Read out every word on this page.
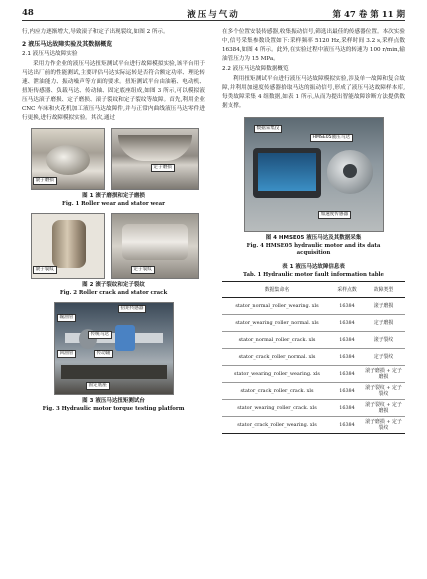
48	液压与气动	第 47 卷 第 11 期

行,内应力逐渐增大,导致滚子和定子出现裂纹,如图 2 所示。

2 液压马达故障实验及其数据概览
2.1 液压马达故障实验

采用力作企业的液压马达扭矩测试平台进行故障模拟实验,该平台用于马达出厂前的性能测试,主要评估马达实际运转是否符合额定功率、理论转速、泄油能力、振动噪声等方面的要求。扭矩测试平台由油箱、电动机、扭矩传感器、负载马达、传动轴、固定底座组成,如图 3 所示,可以模拟液压马达滚子磨损、定子磨损、滚子裂纹和定子裂纹等故障。首先,利用企业 CNC 车床和火花机加工液压马达故障件,并与正常内曲线液压马达零件进行更换,进行故障模拟实验。其次,通过

滚子磨损
定子磨损
图 1 滚子磨损和定子磨损
Fig. 1 Roller wear and stator wear
滚子裂纹	定子裂纹
图 2 滚子裂纹和定子裂纹
Fig. 2 Roller crack and stator crack
输油管
扭矩传感器
传统马达
回油管	传动轴
固定底座
图 3 液压马达扭矩测试台
Fig. 3 Hydraulic motor torque testing platform

在多个位置安装传感器,收集振动信号,筛选出最佳的传感器位置。本次实验中,信号采集参数设置如下:采样频率 5120 Hz,采样时间 3.2 s,采样点数 16384,如图 4 所示。此外,在实验过程中液压马达的转速为 100 r/min,输油管压力为 15 MPa。

2.2 液压马达故障数据概览

利用扭矩测试平台进行液压马达故障模拟实验,涉及单一故障和复合故障,并利用加速度传感器拾取马达的振动信号,形成了液压马达故障样本库,每类故障采集 4 组数据,如表 1 所示,从而为提出智能故障诊断方法提供数据支撑。

数据采集仪
HMSE05液压马达
加速度传感器
图 4 HMSE05 液压马达及其数据采集
Fig. 4 HMSE05 hydraulic motor and its data
acquisition
表 1 液压马达故障信息表
Tab. 1 Hydraulic motor fault information table
数据集命名	采样点数	故障类型
stator_normal_roller_wearing. xls	16384	滚子磨损
stator_wearing_roller_normal. xls	16384	定子磨损
stator_normal_roller_crack. xls	16384	滚子裂纹
stator_crack_roller_normal. xls	16384	定子裂纹
stator_wearing_roller_wearing. xls	16384	滚子磨损 + 定子磨损
stator_crack_roller_crack. xls	16384	滚子裂纹 + 定子裂纹
stator_wearing_roller_crack. xls	16384	滚子裂纹 + 定子磨损
stator_crack_roller_wearing. xls	16384	滚子磨损 + 定子裂纹
